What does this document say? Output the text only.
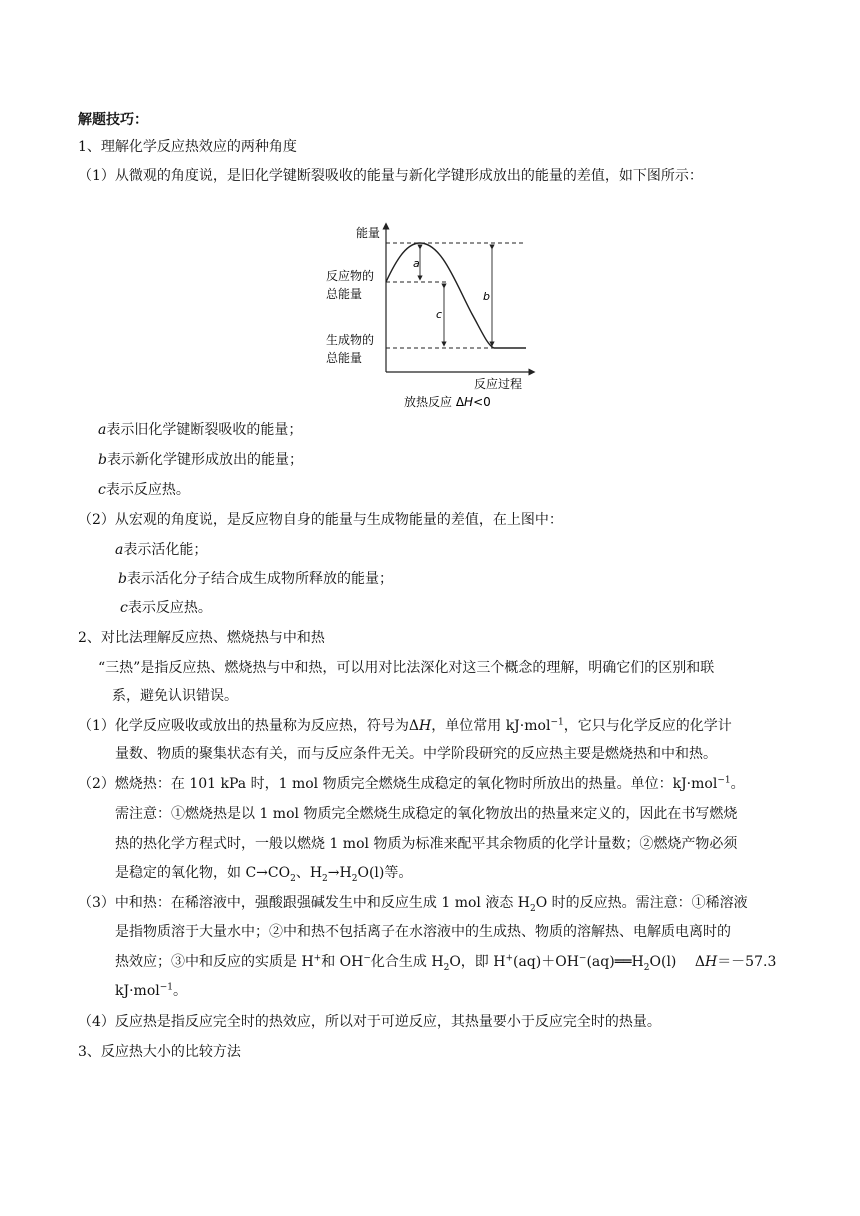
解题技巧：
1、理解化学反应热效应的两种角度
（1）从微观的角度说，是旧化学键断裂吸收的能量与新化学键形成放出的能量的差值，如下图所示：
a
b
c
能量
反应物的
总能量
生成物的
总能量
反应过程
放热反应 ΔH<0
a表示旧化学键断裂吸收的能量；
b表示新化学键形成放出的能量；
c表示反应热。
（2）从宏观的角度说，是反应物自身的能量与生成物能量的差值，在上图中：
a表示活化能；
b表示活化分子结合成生成物所释放的能量；
c表示反应热。
2、对比法理解反应热、燃烧热与中和热
“三热”是指反应热、燃烧热与中和热，可以用对比法深化对这三个概念的理解，明确它们的区别和联
系，避免认识错误。
（1）化学反应吸收或放出的热量称为反应热，符号为ΔH，单位常用 kJ·mol$^{-1}$，它只与化学反应的化学计
量数、物质的聚集状态有关，而与反应条件无关。中学阶段研究的反应热主要是燃烧热和中和热。
（2）燃烧热：在 101 kPa 时，1 mol 物质完全燃烧生成稳定的氧化物时所放出的热量。单位：kJ·mol$^{-1}$。
需注意：①燃烧热是以 1 mol 物质完全燃烧生成稳定的氧化物放出的热量来定义的，因此在书写燃烧
热的热化学方程式时，一般以燃烧 1 mol 物质为标准来配平其余物质的化学计量数；②燃烧产物必须
是稳定的氧化物，如 $C\to CO_2$、$H_2\to H_2O(l)$等。
（3）中和热：在稀溶液中，强酸跟强碱发生中和反应生成 1 mol 液态 $H_2O$ 时的反应热。需注意：①稀溶液
是指物质溶于大量水中；②中和热不包括离子在水溶液中的生成热、物质的溶解热、电解质电离时的
热效应；③中和反应的实质是 H+和 OH−化合生成 $H_2O$，即 $H^+(aq)+OH^-(aq)══H_2O(l)$　 ΔH＝－57.3
kJ·mol$^{-1}$。
（4）反应热是指反应完全时的热效应，所以对于可逆反应，其热量要小于反应完全时的热量。
3、反应热大小的比较方法
